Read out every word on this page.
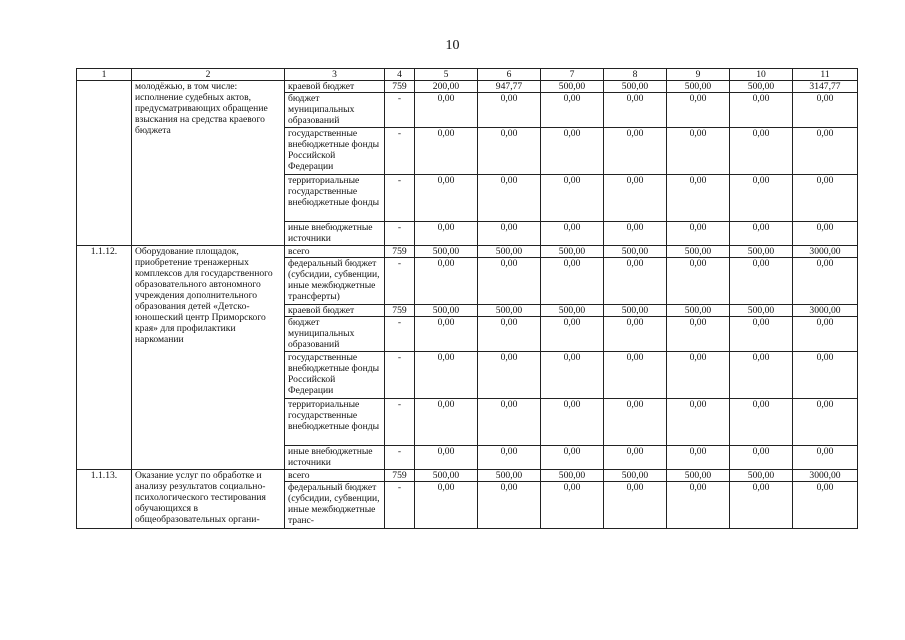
10
1	2	3	4	5	6	7	8	9	10	11
	молодёжью, в том числе: исполнение судебных актов, предусматривающих обращение взыскания на средства краевого бюджета	краевой бюджет	759	200,00	947,77	500,00	500,00	500,00	500,00	3147,77
		бюджет муниципальных образований	-	0,00	0,00	0,00	0,00	0,00	0,00	0,00
		государственные внебюджетные фонды Российской Федерации	-	0,00	0,00	0,00	0,00	0,00	0,00	0,00
		территориальные государственные внебюджетные фонды	-	0,00	0,00	0,00	0,00	0,00	0,00	0,00
		иные внебюджетные источники	-	0,00	0,00	0,00	0,00	0,00	0,00	0,00
1.1.12.	Оборудование площадок, приобретение тренажерных комплексов для государственного образовательного автономного учреждения дополнительного образования детей «Детско-юношеский центр Приморского края» для профилактики наркомании	всего	759	500,00	500,00	500,00	500,00	500,00	500,00	3000,00
		федеральный бюджет (субсидии, субвенции, иные межбюджетные трансферты)	-	0,00	0,00	0,00	0,00	0,00	0,00	0,00
		краевой бюджет	759	500,00	500,00	500,00	500,00	500,00	500,00	3000,00
		бюджет муниципальных образований	-	0,00	0,00	0,00	0,00	0,00	0,00	0,00
		государственные внебюджетные фонды Российской Федерации	-	0,00	0,00	0,00	0,00	0,00	0,00	0,00
		территориальные государственные внебюджетные фонды	-	0,00	0,00	0,00	0,00	0,00	0,00	0,00
		иные внебюджетные источники	-	0,00	0,00	0,00	0,00	0,00	0,00	0,00
1.1.13.	Оказание услуг по обработке и анализу результатов социально-психологического тестирования обучающихся в общеобразовательных органи-	всего	759	500,00	500,00	500,00	500,00	500,00	500,00	3000,00
		федеральный бюджет (субсидии, субвенции, иные межбюджетные транс-	-	0,00	0,00	0,00	0,00	0,00	0,00	0,00
